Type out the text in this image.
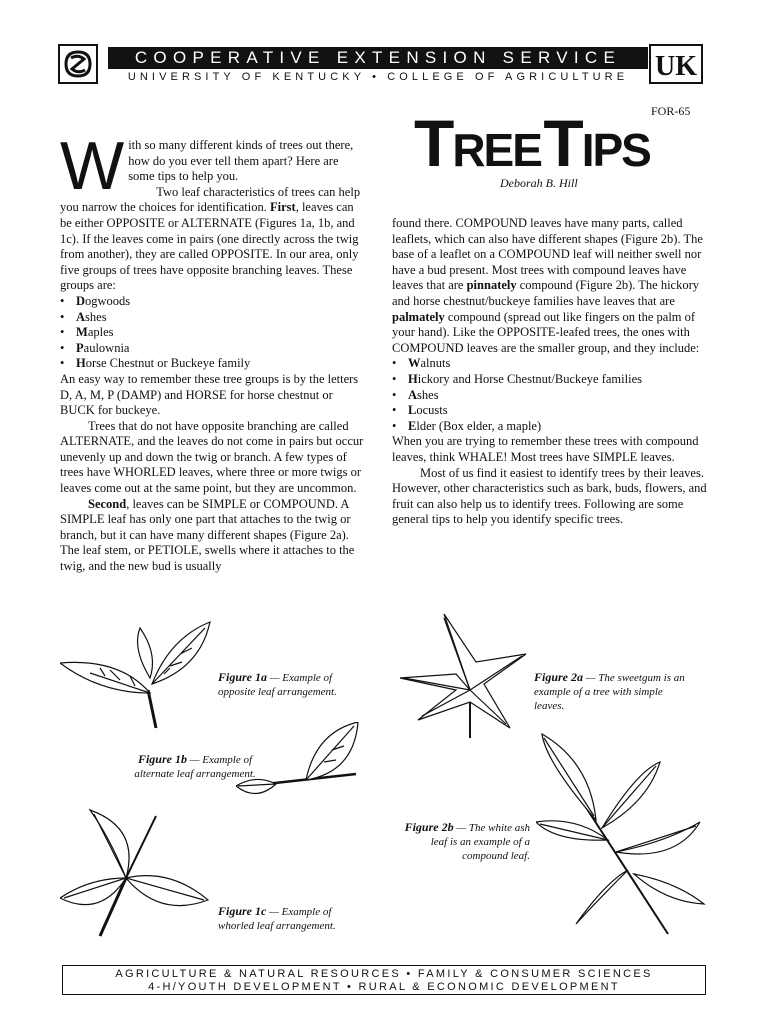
COOPERATIVE EXTENSION SERVICE
UNIVERSITY OF KENTUCKY • COLLEGE OF AGRICULTURE UK
FOR-65
TREE TIPS
Deborah B. Hill

With so many different kinds of trees out there, how do you ever tell them apart? Here are some tips to help you.

Two leaf characteristics of trees can help you narrow the choices for identification. First, leaves can be either OPPOSITE or ALTERNATE (Figures 1a, 1b, and 1c). If the leaves come in pairs (one directly across the twig from another), they are called OPPOSITE. In our area, only five groups of trees have opposite branching leaves. These groups are:

• Dogwoods
• Ashes
• Maples
• Paulownia
• Horse Chestnut or Buckeye family

An easy way to remember these tree groups is by the letters D, A, M, P (DAMP) and HORSE for horse chestnut or BUCK for buckeye.

Trees that do not have opposite branching are called ALTERNATE, and the leaves do not come in pairs but occur unevenly up and down the twig or branch. A few types of trees have WHORLED leaves, where three or more twigs or leaves come out at the same point, but they are uncommon.

Second, leaves can be SIMPLE or COMPOUND. A SIMPLE leaf has only one part that attaches to the twig or branch, but it can have many different shapes (Figure 2a). The leaf stem, or PETIOLE, swells where it attaches to the twig, and the new bud is usually

found there. COMPOUND leaves have many parts, called leaflets, which can also have different shapes (Figure 2b). The base of a leaflet on a COMPOUND leaf will neither swell nor have a bud present. Most trees with compound leaves have leaves that are pinnately compound (Figure 2b). The hickory and horse chestnut/buckeye families have leaves that are palmately compound (spread out like fingers on the palm of your hand). Like the OPPOSITE-leafed trees, the ones with COMPOUND leaves are the smaller group, and they include:

• Walnuts
• Hickory and Horse Chestnut/Buckeye families
• Ashes
• Locusts
• Elder (Box elder, a maple)

When you are trying to remember these trees with compound leaves, think WHALE! Most trees have SIMPLE leaves.

Most of us find it easiest to identify trees by their leaves. However, other characteristics such as bark, buds, flowers, and fruit can also help us to identify trees. Following are some general tips to help you identify specific trees.

Figure 1a — Example of opposite leaf arrangement.
Figure 1b — Example of alternate leaf arrangement.
Figure 1c — Example of whorled leaf arrangement.
Figure 2a — The sweetgum is an example of a tree with simple leaves.
Figure 2b — The white ash leaf is an example of a compound leaf.
AGRICULTURE & NATURAL RESOURCES • FAMILY & CONSUMER SCIENCES
4-H/YOUTH DEVELOPMENT • RURAL & ECONOMIC DEVELOPMENT
